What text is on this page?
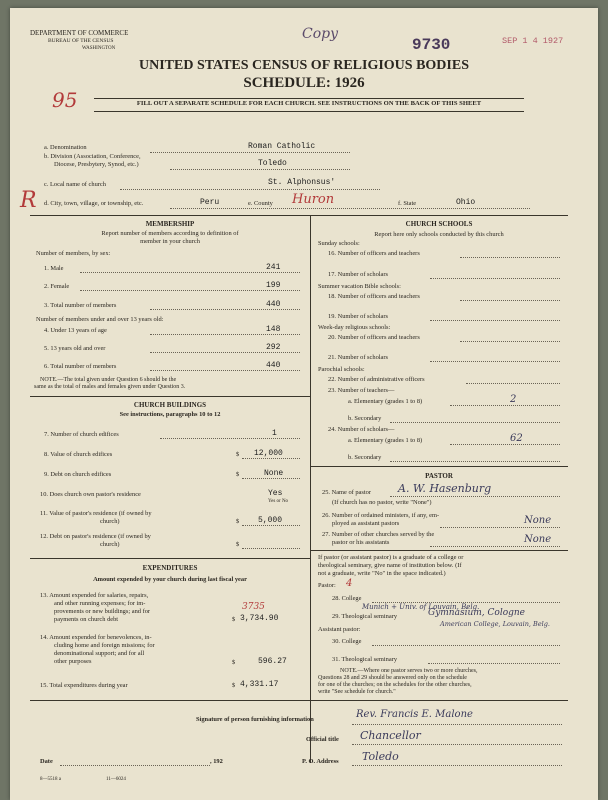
DEPARTMENT OF COMMERCE
BUREAU OF THE CENSUS
WASHINGTON
Copy
9730	SEP 1 4 1927
UNITED STATES CENSUS OF RELIGIOUS BODIES
SCHEDULE: 1926
95	FILL OUT A SEPARATE SCHEDULE FOR EACH CHURCH. SEE INSTRUCTIONS ON THE BACK OF THIS SHEET
a. Denomination	Roman Catholic
b. Division (Association, Conference,
Diocese, Presbytery, Synod, etc.)	Toledo
c. Local name of church	St. Alphonsus'
R d. City, town, village, or township, etc.	Peru	e. County Huron	f. State	Ohio
MEMBERSHIP
Report number of members according to definition of
member in your church
Number of members, by sex:
1. Male	241
2. Female	199
3. Total number of members	440
Number of members under and over 13 years old:
4. Under 13 years of age	148
5. 13 years old and over	292
6. Total number of members	440
NOTE.—The total given under Question 6 should be the
same as the total of males and females given under Question 3.
CHURCH BUILDINGS
See instructions, paragraphs 10 to 12
7. Number of church edifices	1
8. Value of church edifices	$ 12,000
9. Debt on church edifices	$	None
10. Does church own pastor's residence	Yes
Yes or No
11. Value of pastor's residence (if owned by
church)	$ 5,000
12. Debt on pastor's residence (if owned by
church)	$
EXPENDITURES
Amount expended by your church during last fiscal year
13. Amount expended for salaries, repairs,
and other running expenses; for im-
provements or new buildings; and for
payments on church debt
3735
$ 3,734.90
14. Amount expended for benevolences, in-
cluding home and foreign missions; for
denominational support; and for all
other purposes	$	596.27
15. Total expenditures during year	$ 4,331.17
CHURCH SCHOOLS
Report here only schools conducted by this church
Sunday schools:
16. Number of officers and teachers
17. Number of scholars
Summer vacation Bible schools:
18. Number of officers and teachers
19. Number of scholars
Week-day religious schools:
20. Number of officers and teachers
21. Number of scholars
Parochial schools:
22. Number of administrative officers
23. Number of teachers—
a. Elementary (grades 1 to 8)	2
b. Secondary
24. Number of scholars—
a. Elementary (grades 1 to 8)	62
b. Secondary
PASTOR
25. Name of pastor A. W. Hasenburg
(If church has no pastor, write "None")
26. Number of ordained ministers, if any, em-
ployed as assistant pastors	None
27. Number of other churches served by the
pastor or his assistants	None
If pastor (or assistant pastor) is a graduate of a college or
theological seminary, give name of institution below. (If
not a graduate, write "No" in the space indicated.)
Pastor: 4
28. College
Munich + Univ. of Louvain, Belg.
29. Theological seminary	Gymnasium, Cologne
American College, Louvain, Belg.
Assistant pastor:
30. College
31. Theological seminary
NOTE.—Where one pastor serves two or more churches,
Questions 28 and 29 should be answered only on the schedule
for one of the churches; on the schedules for the other churches,
write "See schedule for church."
Signature of person furnishing information	Rev. Francis E. Malone
Official title Chancellor
Date	, 192	P. O. Address Toledo
8—5518 a	11—6024
